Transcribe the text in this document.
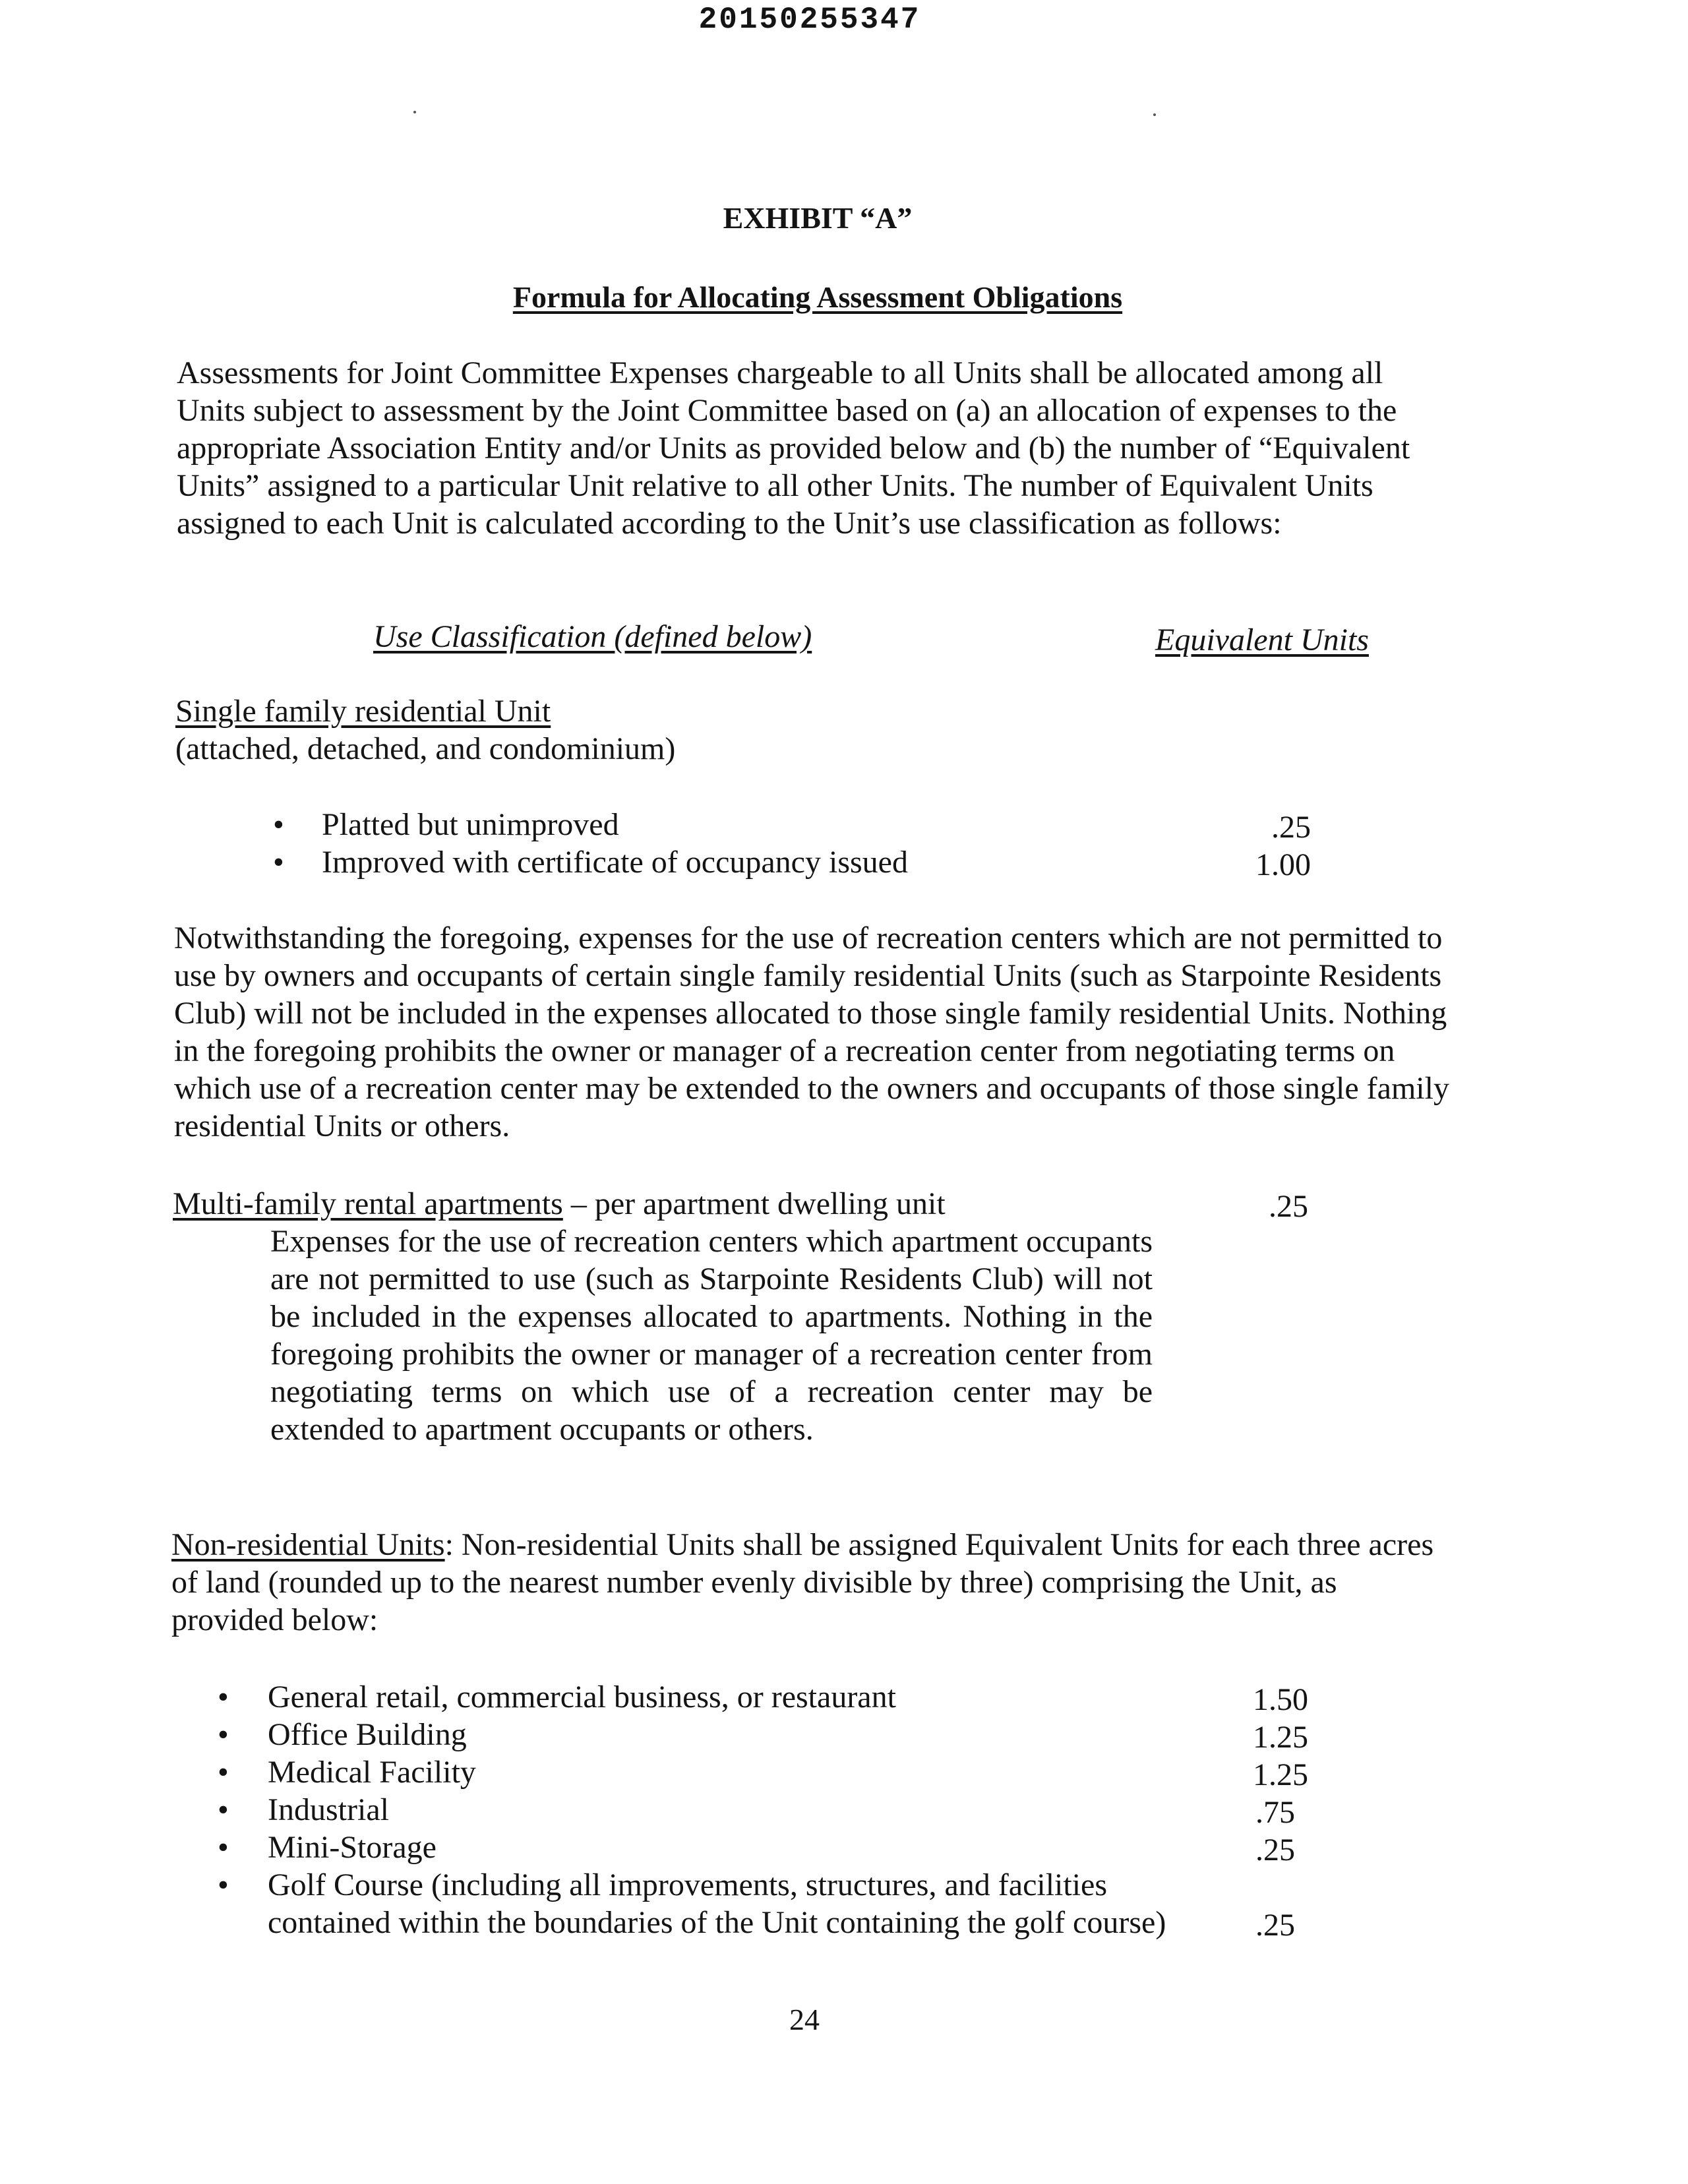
20150255347
EXHIBIT “A”
Formula for Allocating Assessment Obligations

Assessments for Joint Committee Expenses chargeable to all Units shall be allocated among all Units subject to assessment by the Joint Committee based on (a) an allocation of expenses to the appropriate Association Entity and/or Units as provided below and (b) the number of “Equivalent Units” assigned to a particular Unit relative to all other Units. The number of Equivalent Units assigned to each Unit is calculated according to the Unit’s use classification as follows:

Use Classification (defined below)	Equivalent Units
Single family residential Unit
(attached, detached, and condominium)
• Platted but unimproved	.25
• Improved with certificate of occupancy issued	1.00

Notwithstanding the foregoing, expenses for the use of recreation centers which are not permitted to use by owners and occupants of certain single family residential Units (such as Starpointe Residents Club) will not be included in the expenses allocated to those single family residential Units. Nothing in the foregoing prohibits the owner or manager of a recreation center from negotiating terms on which use of a recreation center may be extended to the owners and occupants of those single family residential Units or others.

Multi-family rental apartments – per apartment dwelling unit	.25

Expenses for the use of recreation centers which apartment occupants are not permitted to use (such as Starpointe Residents Club) will not be included in the expenses allocated to apartments. Nothing in the foregoing prohibits the owner or manager of a recreation center from negotiating terms on which use of a recreation center may be extended to apartment occupants or others.

Non-residential Units: Non-residential Units shall be assigned Equivalent Units for each three acres of land (rounded up to the nearest number evenly divisible by three) comprising the Unit, as provided below:

• General retail, commercial business, or restaurant	1.50
• Office Building	1.25
• Medical Facility	1.25
• Industrial	.75
• Mini-Storage	.25
• Golf Course (including all improvements, structures, and facilities
contained within the boundaries of the Unit containing the golf course)	.25
24
